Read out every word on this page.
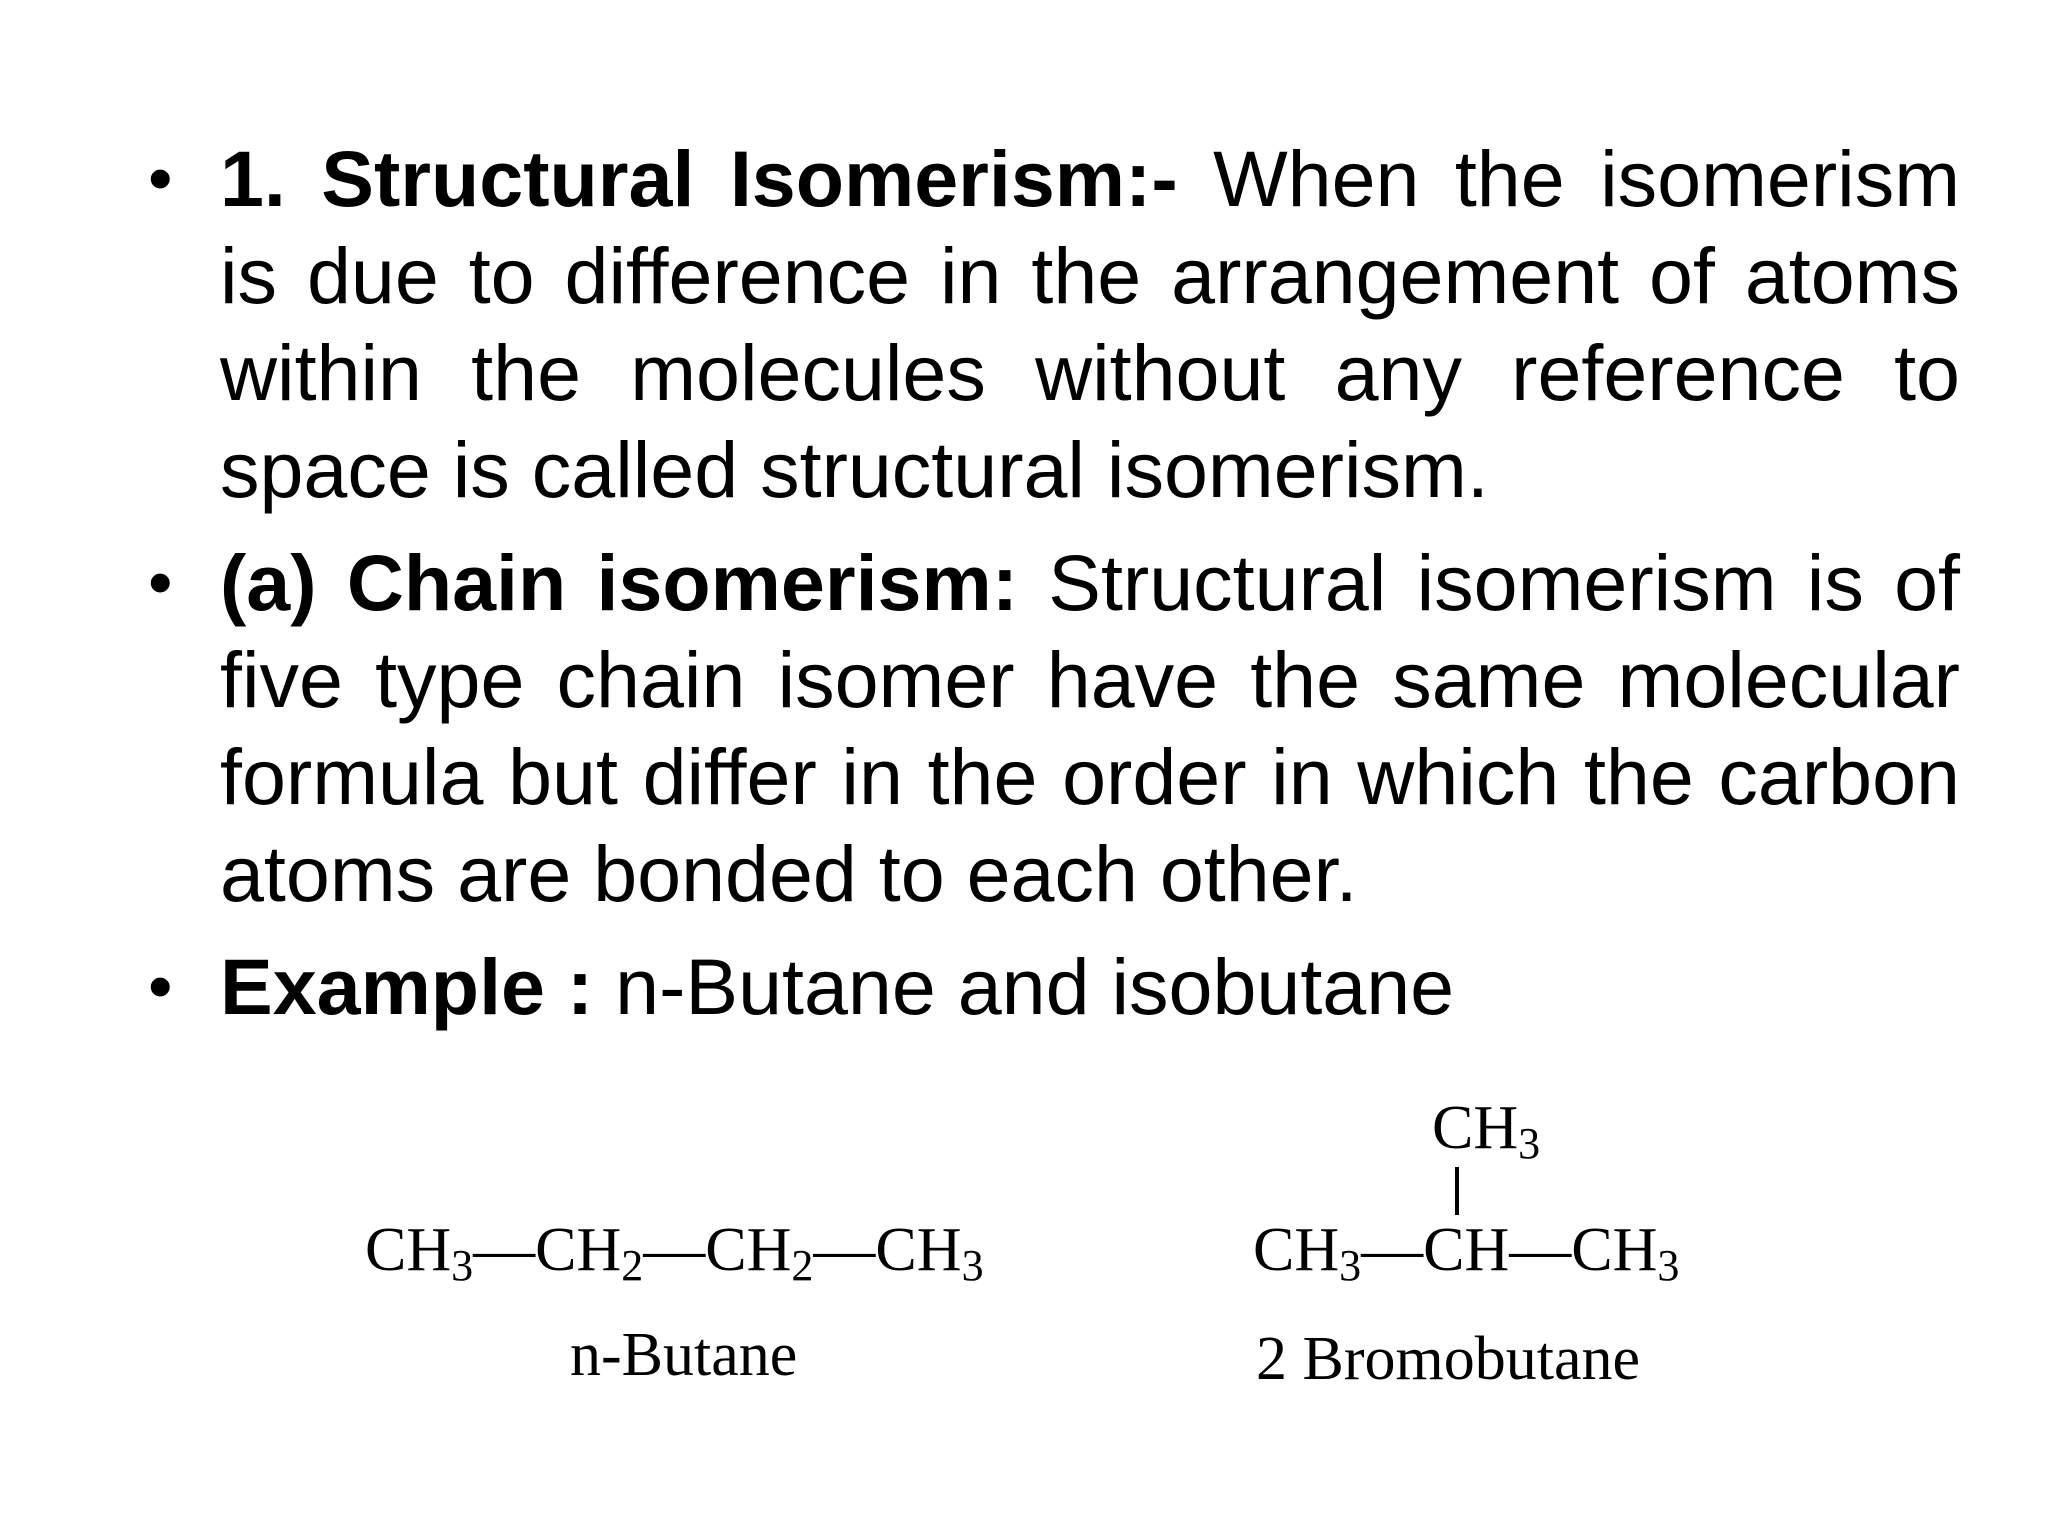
• 1. Structural Isomerism:- When the isomerism is due to difference in the arrangement of atoms within the molecules without any reference to space is called structural isomerism.
• (a) Chain isomerism: Structural isomerism is of five type chain isomer have the same molecular formula but differ in the order in which the carbon atoms are bonded to each other.
• Example : n-Butane and isobutane
$CH_3—CH_2—CH_2—CH_3$
n-Butane
$CH_3$
$CH_3—CH—CH_3$
2 Bromobutane
